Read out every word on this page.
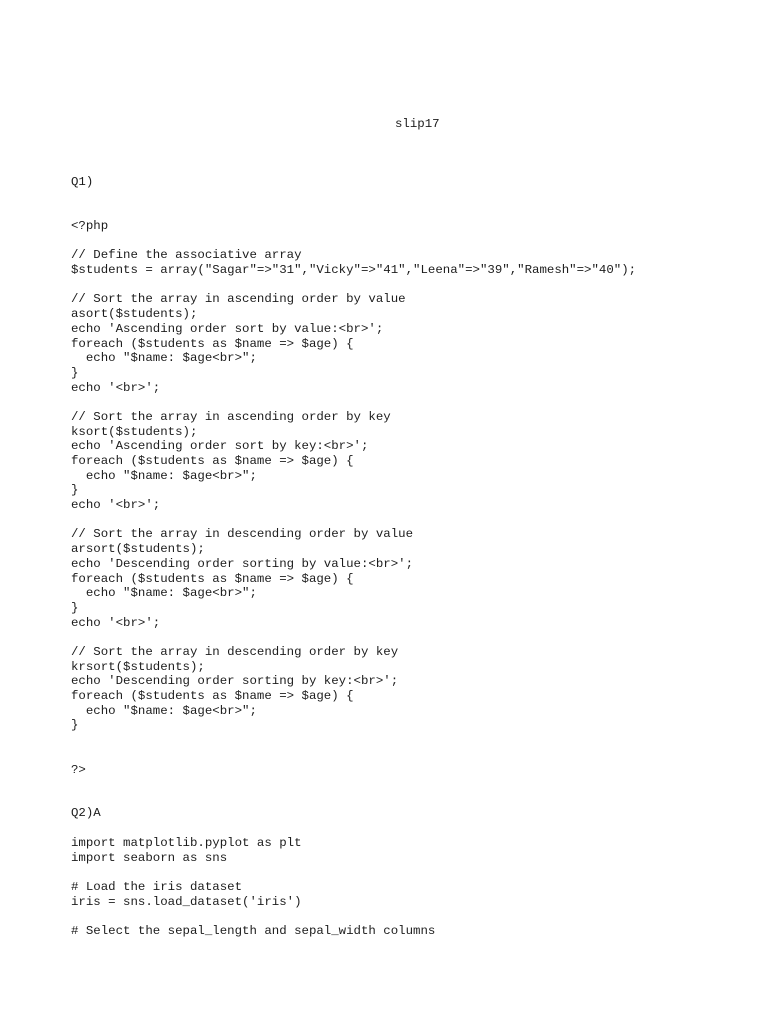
slip17
Q1)
<?php
// Define the associative array
$students = array("Sagar"=>"31","Vicky"=>"41","Leena"=>"39","Ramesh"=>"40");
// Sort the array in ascending order by value
asort($students);
echo 'Ascending order sort by value:<br>';
foreach ($students as $name => $age) {
echo "$name: $age<br>";
}
echo '<br>';
// Sort the array in ascending order by key
ksort($students);
echo 'Ascending order sort by key:<br>';
foreach ($students as $name => $age) {
echo "$name: $age<br>";
}
echo '<br>';
// Sort the array in descending order by value
arsort($students);
echo 'Descending order sorting by value:<br>';
foreach ($students as $name => $age) {
echo "$name: $age<br>";
}
echo '<br>';
// Sort the array in descending order by key
krsort($students);
echo 'Descending order sorting by key:<br>';
foreach ($students as $name => $age) {
echo "$name: $age<br>";
}
?>
Q2)A
import matplotlib.pyplot as plt
import seaborn as sns
# Load the iris dataset
iris = sns.load_dataset('iris')
# Select the sepal_length and sepal_width columns
